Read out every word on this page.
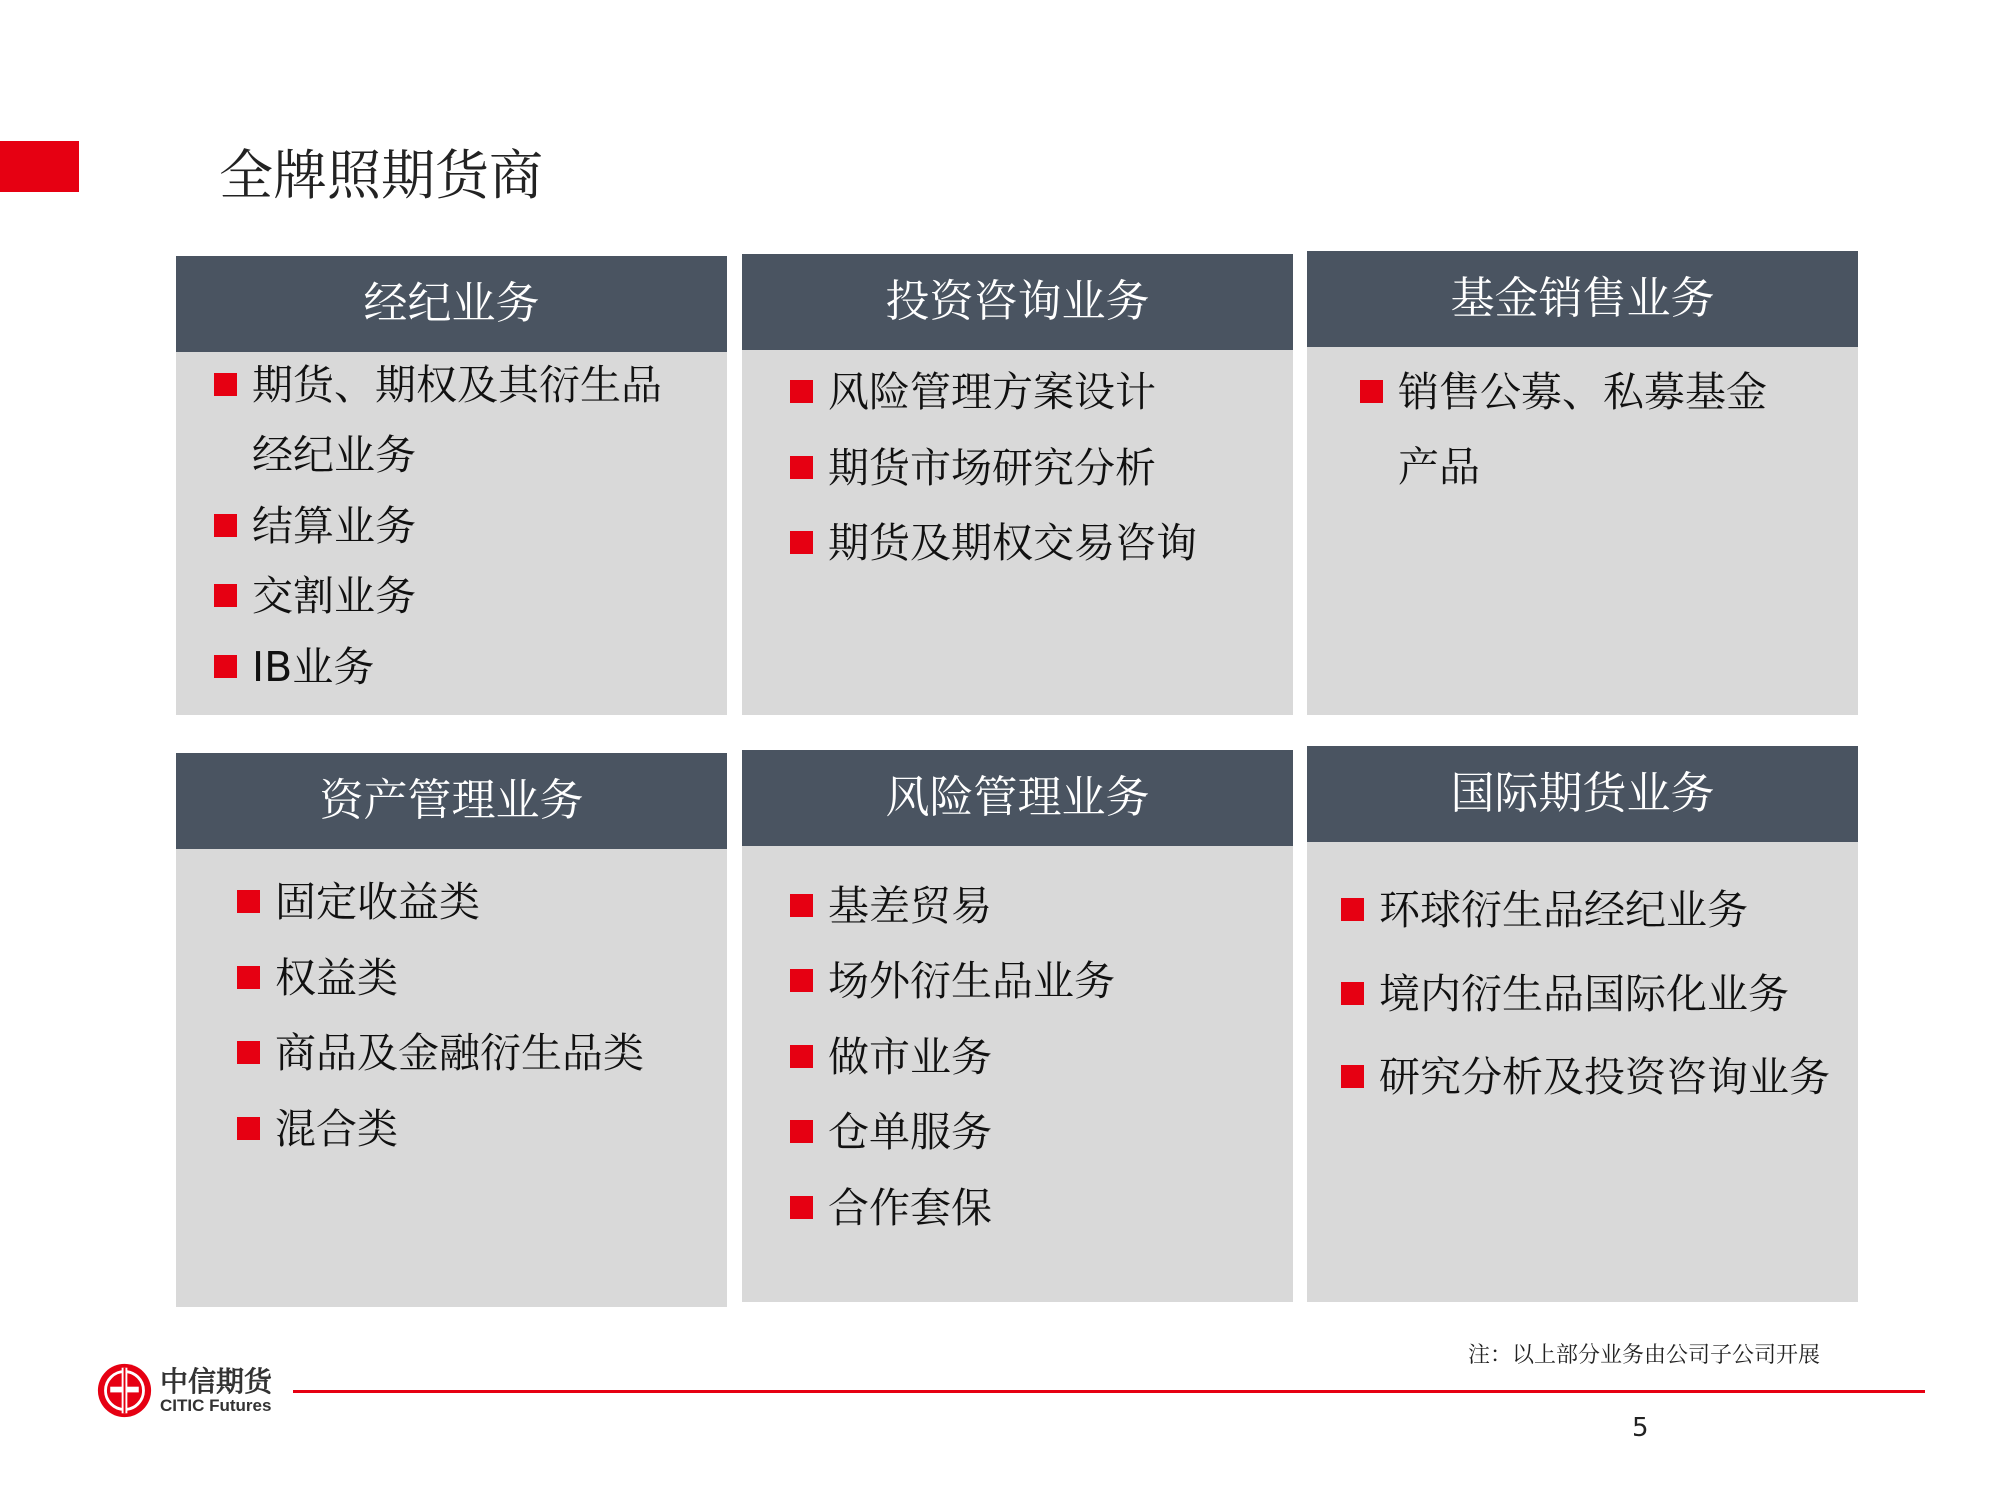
全牌照期货商
经纪业务
期货、期权及其衍生品
经纪业务
结算业务
交割业务
IB业务
投资咨询业务
风险管理方案设计
期货市场研究分析
期货及期权交易咨询
基金销售业务
销售公募、私募基金
产品
资产管理业务
固定收益类
权益类
商品及金融衍生品类
混合类
风险管理业务
基差贸易
场外衍生品业务
做市业务
仓单服务
合作套保
国际期货业务
环球衍生品经纪业务
境内衍生品国际化业务
研究分析及投资咨询业务
注：以上部分业务由公司子公司开展
5
中信期货
CITIC Futures
